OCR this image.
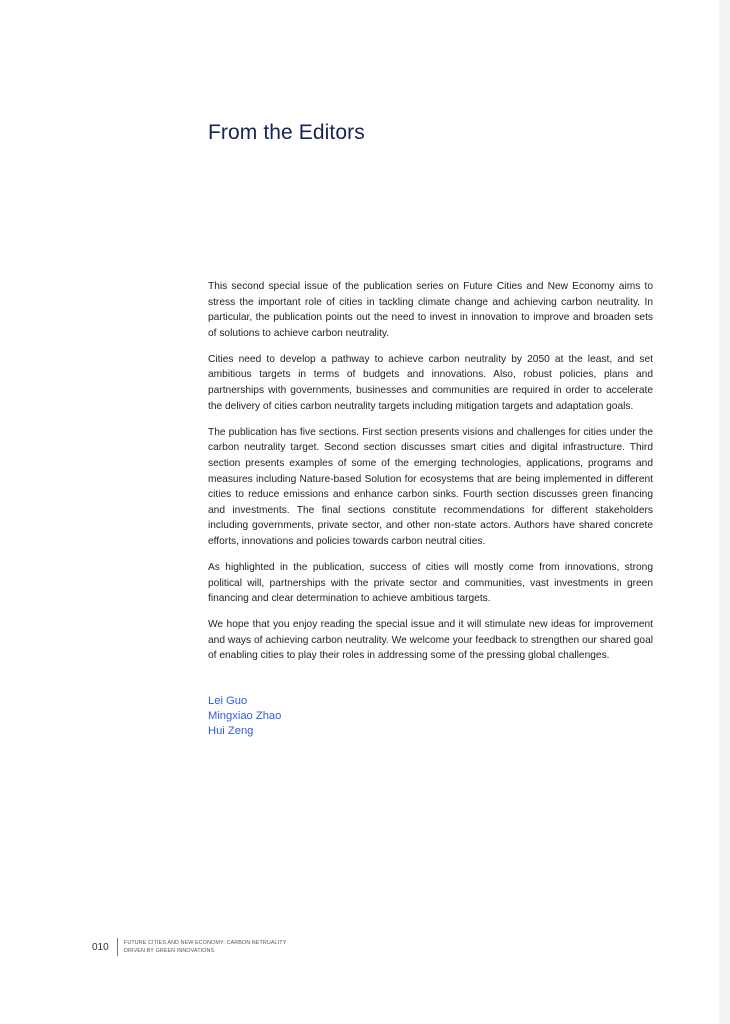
From the Editors

This second special issue of the publication series on Future Cities and New Economy aims to stress the important role of cities in tackling climate change and achieving carbon neutrality. In particular, the publication points out the need to invest in innovation to improve and broaden sets of solutions to achieve carbon neutrality.

Cities need to develop a pathway to achieve carbon neutrality by 2050 at the least, and set ambitious targets in terms of budgets and innovations. Also, robust policies, plans and partnerships with governments, businesses and communities are required in order to accelerate the delivery of cities carbon neutrality targets including mitigation targets and adaptation goals.

The publication has five sections. First section presents visions and challenges for cities under the carbon neutrality target. Second section discusses smart cities and digital infrastructure. Third section presents examples of some of the emerging technologies, applications, programs and measures including Nature-based Solution for ecosystems that are being implemented in different cities to reduce emissions and enhance carbon sinks. Fourth section discusses green financing and investments. The final sections constitute recommendations for different stakeholders including governments, private sector, and other non-state actors. Authors have shared concrete efforts, innovations and policies towards carbon neutral cities.

As highlighted in the publication, success of cities will mostly come from innovations, strong political will, partnerships with the private sector and communities, vast investments in green financing and clear determination to achieve ambitious targets.

We hope that you enjoy reading the special issue and it will stimulate new ideas for improvement and ways of achieving carbon neutrality. We welcome your feedback to strengthen our shared goal of enabling cities to play their roles in addressing some of the pressing global challenges.

Lei Guo
Mingxiao Zhao
Hui Zeng
010	FUTURE CITIES AND NEW ECONOMY: CARBON NETRUALITY
DRIVEN BY GREEN INNOVATIONS
